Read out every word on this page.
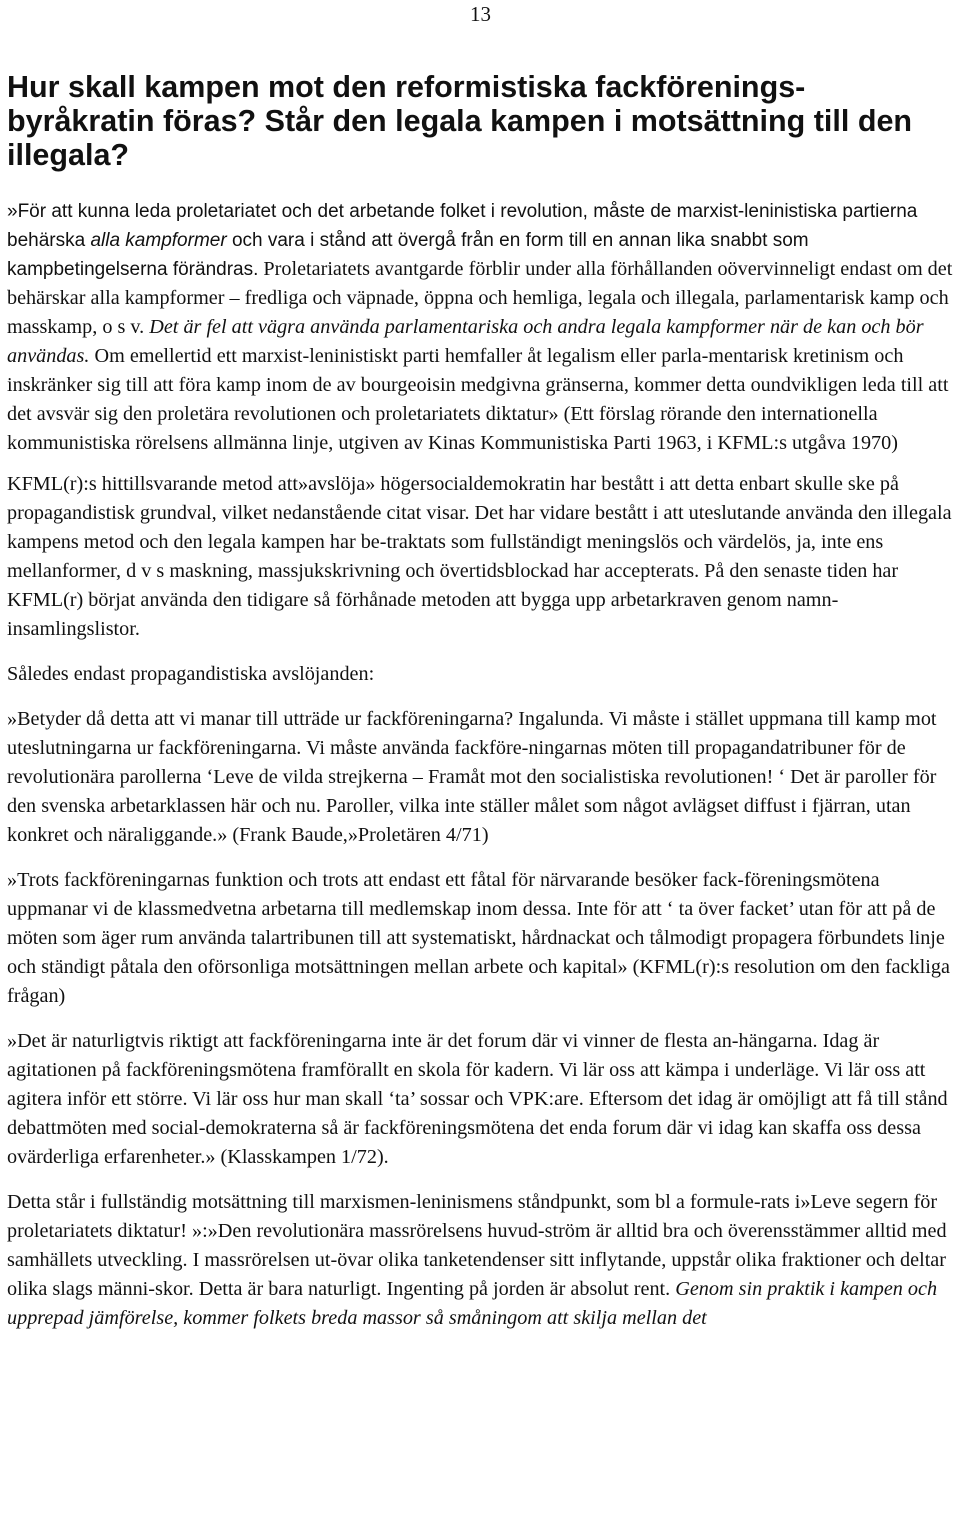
13
Hur skall kampen mot den reformistiska fackförenings-byråkratin föras? Står den legala kampen i motsättning till den illegala?

»För att kunna leda proletariatet och det arbetande folket i revolution, måste de marxist-leninistiska partierna behärska alla kampformer och vara i stånd att övergå från en form till en annan lika snabbt som kampbetingelserna förändras. Proletariatets avantgarde förblir under alla förhållanden oövervinneligt endast om det behärskar alla kampformer – fredliga och väpnade, öppna och hemliga, legala och illegala, parlamentarisk kamp och masskamp, o s v. Det är fel att vägra använda parlamentariska och andra legala kampformer när de kan och bör användas. Om emellertid ett marxist-leninistiskt parti hemfaller åt legalism eller parla-mentarisk kretinism och inskränker sig till att föra kamp inom de av bourgeoisin medgivna gränserna, kommer detta oundvikligen leda till att det avsvär sig den proletära revolutionen och proletariatets diktatur» (Ett förslag rörande den internationella kommunistiska rörelsens allmänna linje, utgiven av Kinas Kommunistiska Parti 1963, i KFML:s utgåva 1970)

KFML(r):s hittillsvarande metod att»avslöja» högersocialdemokratin har bestått i att detta enbart skulle ske på propagandistisk grundval, vilket nedanstående citat visar. Det har vidare bestått i att uteslutande använda den illegala kampens metod och den legala kampen har be-traktats som fullständigt meningslös och värdelös, ja, inte ens mellanformer, d v s maskning, massjukskrivning och övertidsblockad har accepterats. På den senaste tiden har KFML(r) börjat använda den tidigare så förhånade metoden att bygga upp arbetarkraven genom namn-insamlingslistor.

Således endast propagandistiska avslöjanden:

»Betyder då detta att vi manar till utträde ur fackföreningarna? Ingalunda. Vi måste i stället uppmana till kamp mot uteslutningarna ur fackföreningarna. Vi måste använda fackföre-ningarnas möten till propagandatribuner för de revolutionära parollerna ‘Leve de vilda strejkerna – Framåt mot den socialistiska revolutionen! ‘ Det är paroller för den svenska arbetarklassen här och nu. Paroller, vilka inte ställer målet som något avlägset diffust i fjärran, utan konkret och näraliggande.» (Frank Baude,»Proletären 4/71)

»Trots fackföreningarnas funktion och trots att endast ett fåtal för närvarande besöker fack-föreningsmötena uppmanar vi de klassmedvetna arbetarna till medlemskap inom dessa. Inte för att ‘ ta över facket’ utan för att på de möten som äger rum använda talartribunen till att systematiskt, hårdnackat och tålmodigt propagera förbundets linje och ständigt påtala den oförsonliga motsättningen mellan arbete och kapital» (KFML(r):s resolution om den fackliga frågan)

»Det är naturligtvis riktigt att fackföreningarna inte är det forum där vi vinner de flesta an-hängarna. Idag är agitationen på fackföreningsmötena framförallt en skola för kadern. Vi lär oss att kämpa i underläge. Vi lär oss att agitera inför ett större. Vi lär oss hur man skall ‘ta’ sossar och VPK:are. Eftersom det idag är omöjligt att få till stånd debattmöten med social-demokraterna så är fackföreningsmötena det enda forum där vi idag kan skaffa oss dessa ovärderliga erfarenheter.» (Klasskampen 1/72).

Detta står i fullständig motsättning till marxismen-leninismens ståndpunkt, som bl a formule-rats i»Leve segern för proletariatets diktatur! »:»Den revolutionära massrörelsens huvud-ström är alltid bra och överensstämmer alltid med samhällets utveckling. I massrörelsen ut-övar olika tanketendenser sitt inflytande, uppstår olika fraktioner och deltar olika slags männi-skor. Detta är bara naturligt. Ingenting på jorden är absolut rent. Genom sin praktik i kampen och upprepad jämförelse, kommer folkets breda massor så småningom att skilja mellan det
